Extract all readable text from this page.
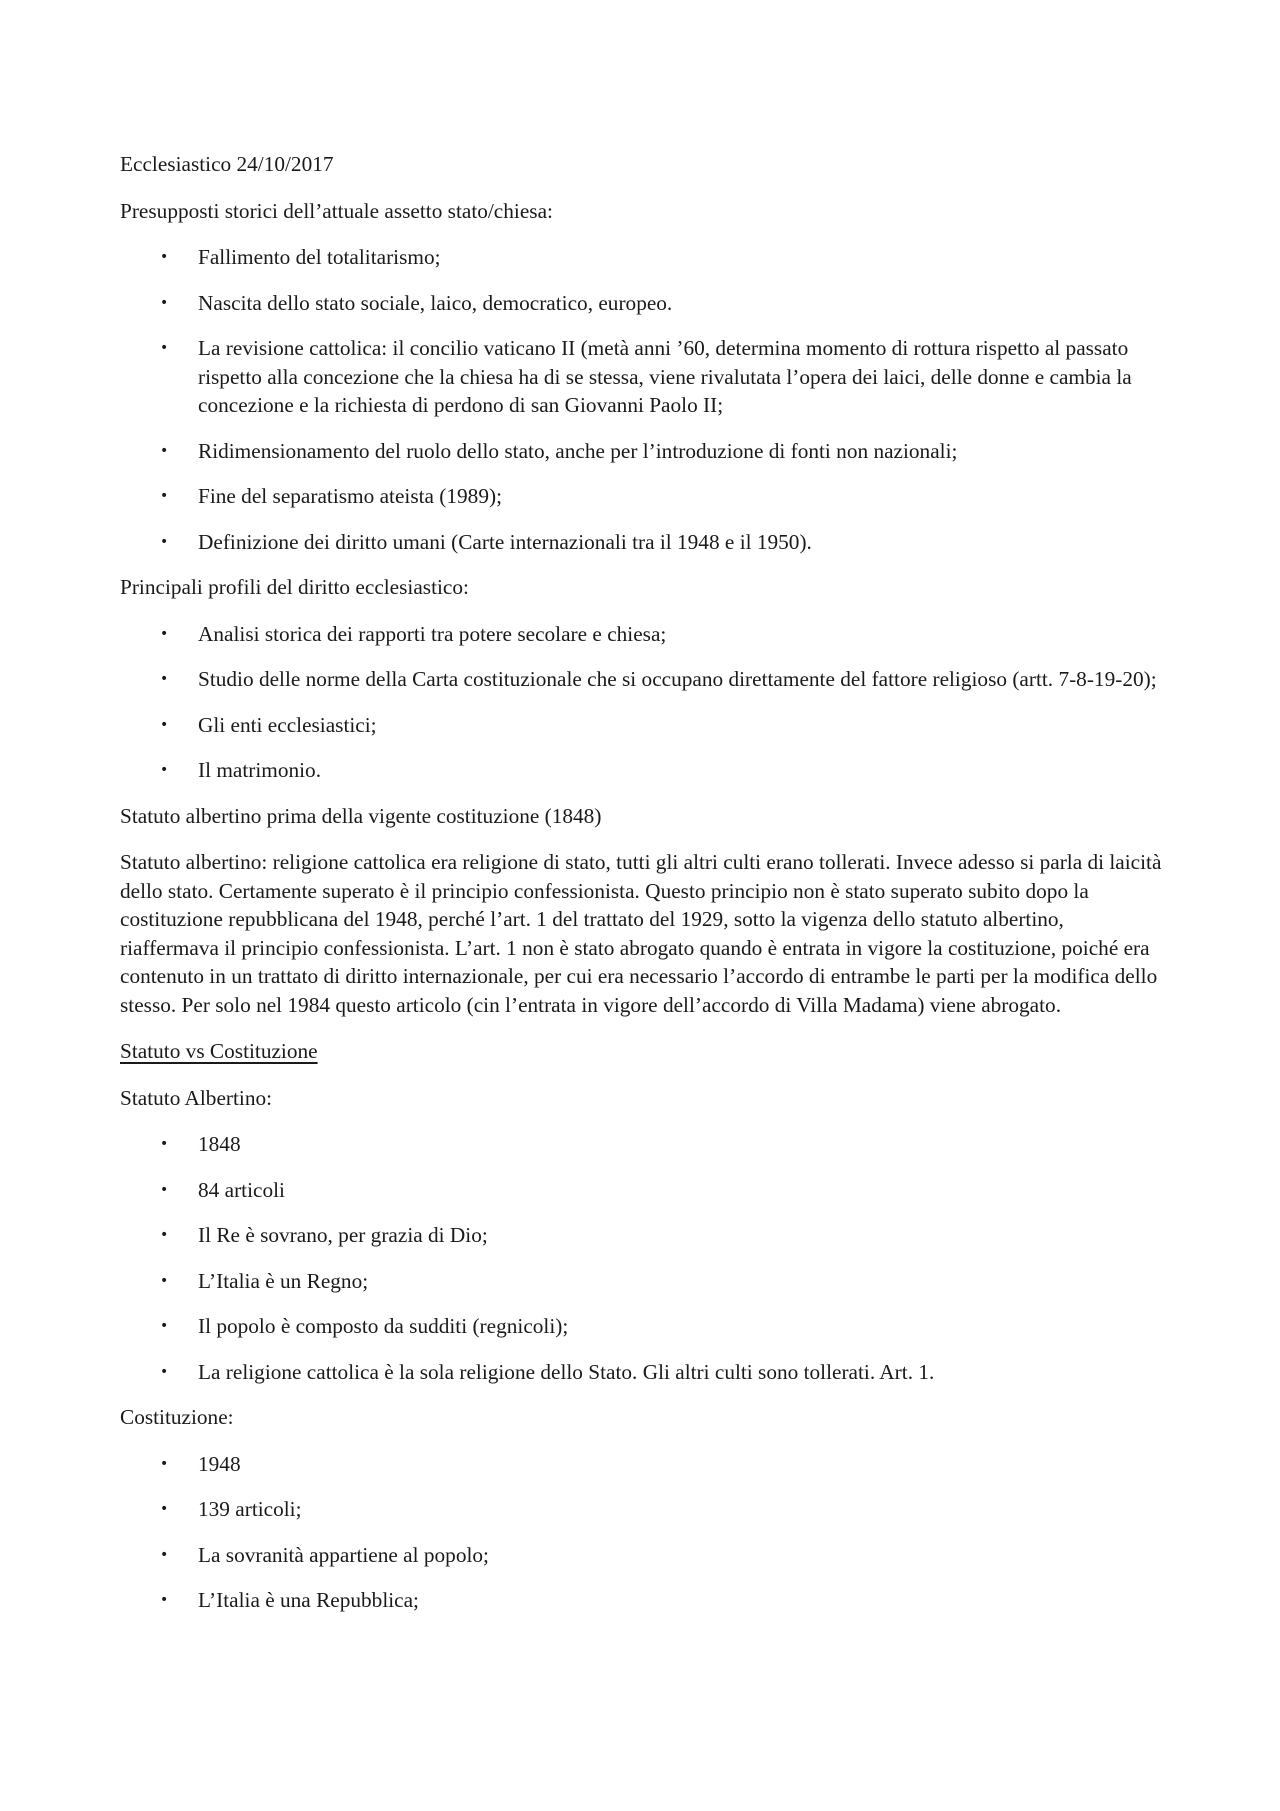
Ecclesiastico 24/10/2017

Presupposti storici dell’attuale assetto stato/chiesa:

• Fallimento del totalitarismo;
• Nascita dello stato sociale, laico, democratico, europeo.
• La revisione cattolica: il concilio vaticano II (metà anni ’60, determina momento di rottura rispetto al passato rispetto alla concezione che la chiesa ha di se stessa, viene rivalutata l’opera dei laici, delle donne e cambia la concezione e la richiesta di perdono di san Giovanni Paolo II;
• Ridimensionamento del ruolo dello stato, anche per l’introduzione di fonti non nazionali;
• Fine del separatismo ateista (1989);
• Definizione dei diritto umani (Carte internazionali tra il 1948 e il 1950).

Principali profili del diritto ecclesiastico:

• Analisi storica dei rapporti tra potere secolare e chiesa;
• Studio delle norme della Carta costituzionale che si occupano direttamente del fattore religioso (artt. 7-8-19-20);
• Gli enti ecclesiastici;
• Il matrimonio.

Statuto albertino prima della vigente costituzione (1848)

Statuto albertino: religione cattolica era religione di stato, tutti gli altri culti erano tollerati. Invece adesso si parla di laicità dello stato. Certamente superato è il principio confessionista. Questo principio non è stato superato subito dopo la costituzione repubblicana del 1948, perché l’art. 1 del trattato del 1929, sotto la vigenza dello statuto albertino, riaffermava il principio confessionista. L’art. 1 non è stato abrogato quando è entrata in vigore la costituzione, poiché era contenuto in un trattato di diritto internazionale, per cui era necessario l’accordo di entrambe le parti per la modifica dello stesso. Per solo nel 1984 questo articolo (cin l’entrata in vigore dell’accordo di Villa Madama) viene abrogato.

Statuto vs Costituzione

Statuto Albertino:

• 1848
• 84 articoli
• Il Re è sovrano, per grazia di Dio;
• L’Italia è un Regno;
• Il popolo è composto da sudditi (regnicoli);
• La religione cattolica è la sola religione dello Stato. Gli altri culti sono tollerati. Art. 1.

Costituzione:

• 1948
• 139 articoli;
• La sovranità appartiene al popolo;
• L’Italia è una Repubblica;
